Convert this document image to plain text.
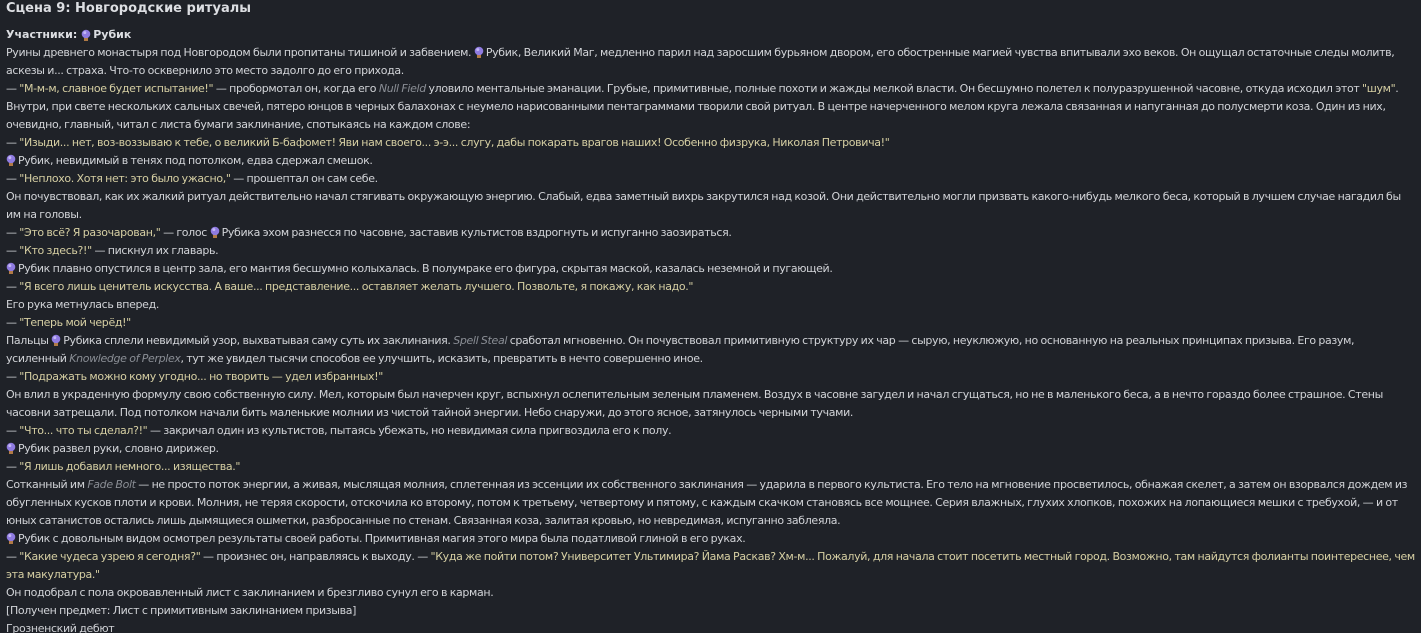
Сцена 9: Новгородские ритуалы
Участники: Рубик
Руины древнего монастыря под Новгородом были пропитаны тишиной и забвением.
Рубик, Великий Маг, медленно парил над заросшим бурьяном двором, его обостренные магией чувства впитывали эхо веков. Он ощущал остаточные следы молитв, аскезы и... страха. Что-то осквернило это место задолго до его прихода.
— "М-м-м, славное будет испытание!" — пробормотал он, когда его Null Field уловило ментальные эманации. Грубые, примитивные, полные похоти и жажды мелкой власти. Он бесшумно полетел к полуразрушенной часовне, откуда исходил этот "шум".
Внутри, при свете нескольких сальных свечей, пятеро юнцов в черных балахонах с неумело нарисованными пентаграммами творили свой ритуал. В центре начерченного мелом круга лежала связанная и напуганная до полусмерти коза. Один из них, очевидно, главный, читал с листа бумаги заклинание, спотыкаясь на каждом слове:
— "Изыди... нет, воз-воззываю к тебе, о великий Б-бафомет! Яви нам своего... э-э... слугу, дабы покарать врагов наших! Особенно физрука, Николая Петровича!"
Рубик, невидимый в тенях под потолком, едва сдержал смешок.
— "Неплохо. Хотя нет: это было ужасно," — прошептал он сам себе.
Он почувствовал, как их жалкий ритуал действительно начал стягивать окружающую энергию. Слабый, едва заметный вихрь закрутился над козой. Они действительно могли призвать какого-нибудь мелкого беса, который в лучшем случае нагадил бы им на головы.
— "Это всё? Я разочарован," — голос
Рубика эхом разнесся по часовне, заставив культистов вздрогнуть и испуганно заозираться.
— "Кто здесь?!" — пискнул их главарь.
Рубик плавно опустился в центр зала, его мантия бесшумно колыхалась. В полумраке его фигура, скрытая маской, казалась неземной и пугающей.
— "Я всего лишь ценитель искусства. А ваше... представление... оставляет желать лучшего. Позвольте, я покажу, как надо."
Его рука метнулась вперед.
— "Теперь мой черёд!"
Пальцы
Рубика сплели невидимый узор, выхватывая саму суть их заклинания. Spell Steal сработал мгновенно. Он почувствовал примитивную структуру их чар — сырую, неуклюжую, но основанную на реальных принципах призыва. Его разум, усиленный Knowledge of Perplex, тут же увидел тысячи способов ее улучшить, исказить, превратить в нечто совершенно иное.
— "Подражать можно кому угодно... но творить — удел избранных!"
Он влил в украденную формулу свою собственную силу. Мел, которым был начерчен круг, вспыхнул ослепительным зеленым пламенем. Воздух в часовне загудел и начал сгущаться, но не в маленького беса, а в нечто гораздо более страшное. Стены часовни затрещали. Под потолком начали бить маленькие молнии из чистой тайной энергии. Небо снаружи, до этого ясное, затянулось черными тучами.
— "Что... что ты сделал?!" — закричал один из культистов, пытаясь убежать, но невидимая сила пригвоздила его к полу.
Рубик развел руки, словно дирижер.
— "Я лишь добавил немного... изящества."
Сотканный им Fade Bolt — не просто поток энергии, а живая, мыслящая молния, сплетенная из эссенции их собственного заклинания — ударила в первого культиста. Его тело на мгновение просветилось, обнажая скелет, а затем он взорвался дождем из обугленных кусков плоти и крови. Молния, не теряя скорости, отскочила ко второму, потом к третьему, четвертому и пятому, с каждым скачком становясь все мощнее. Серия влажных, глухих хлопков, похожих на лопающиеся мешки с требухой, — и от юных сатанистов остались лишь дымящиеся ошметки, разбросанные по стенам. Связанная коза, залитая кровью, но невредимая, испуганно заблеяла.
Рубик с довольным видом осмотрел результаты своей работы. Примитивная магия этого мира была податливой глиной в его руках.
— "Какие чудеса узрею я сегодня?" — произнес он, направляясь к выходу. — "Куда же пойти потом? Университет Ультимира? Йама Раскав? Хм-м... Пожалуй, для начала стоит посетить местный город. Возможно, там найдутся фолианты поинтереснее, чем эта макулатура."
Он подобрал с пола окровавленный лист с заклинанием и брезгливо сунул его в карман.
[Получен предмет: Лист с примитивным заклинанием призыва]
Грозненский дебют
